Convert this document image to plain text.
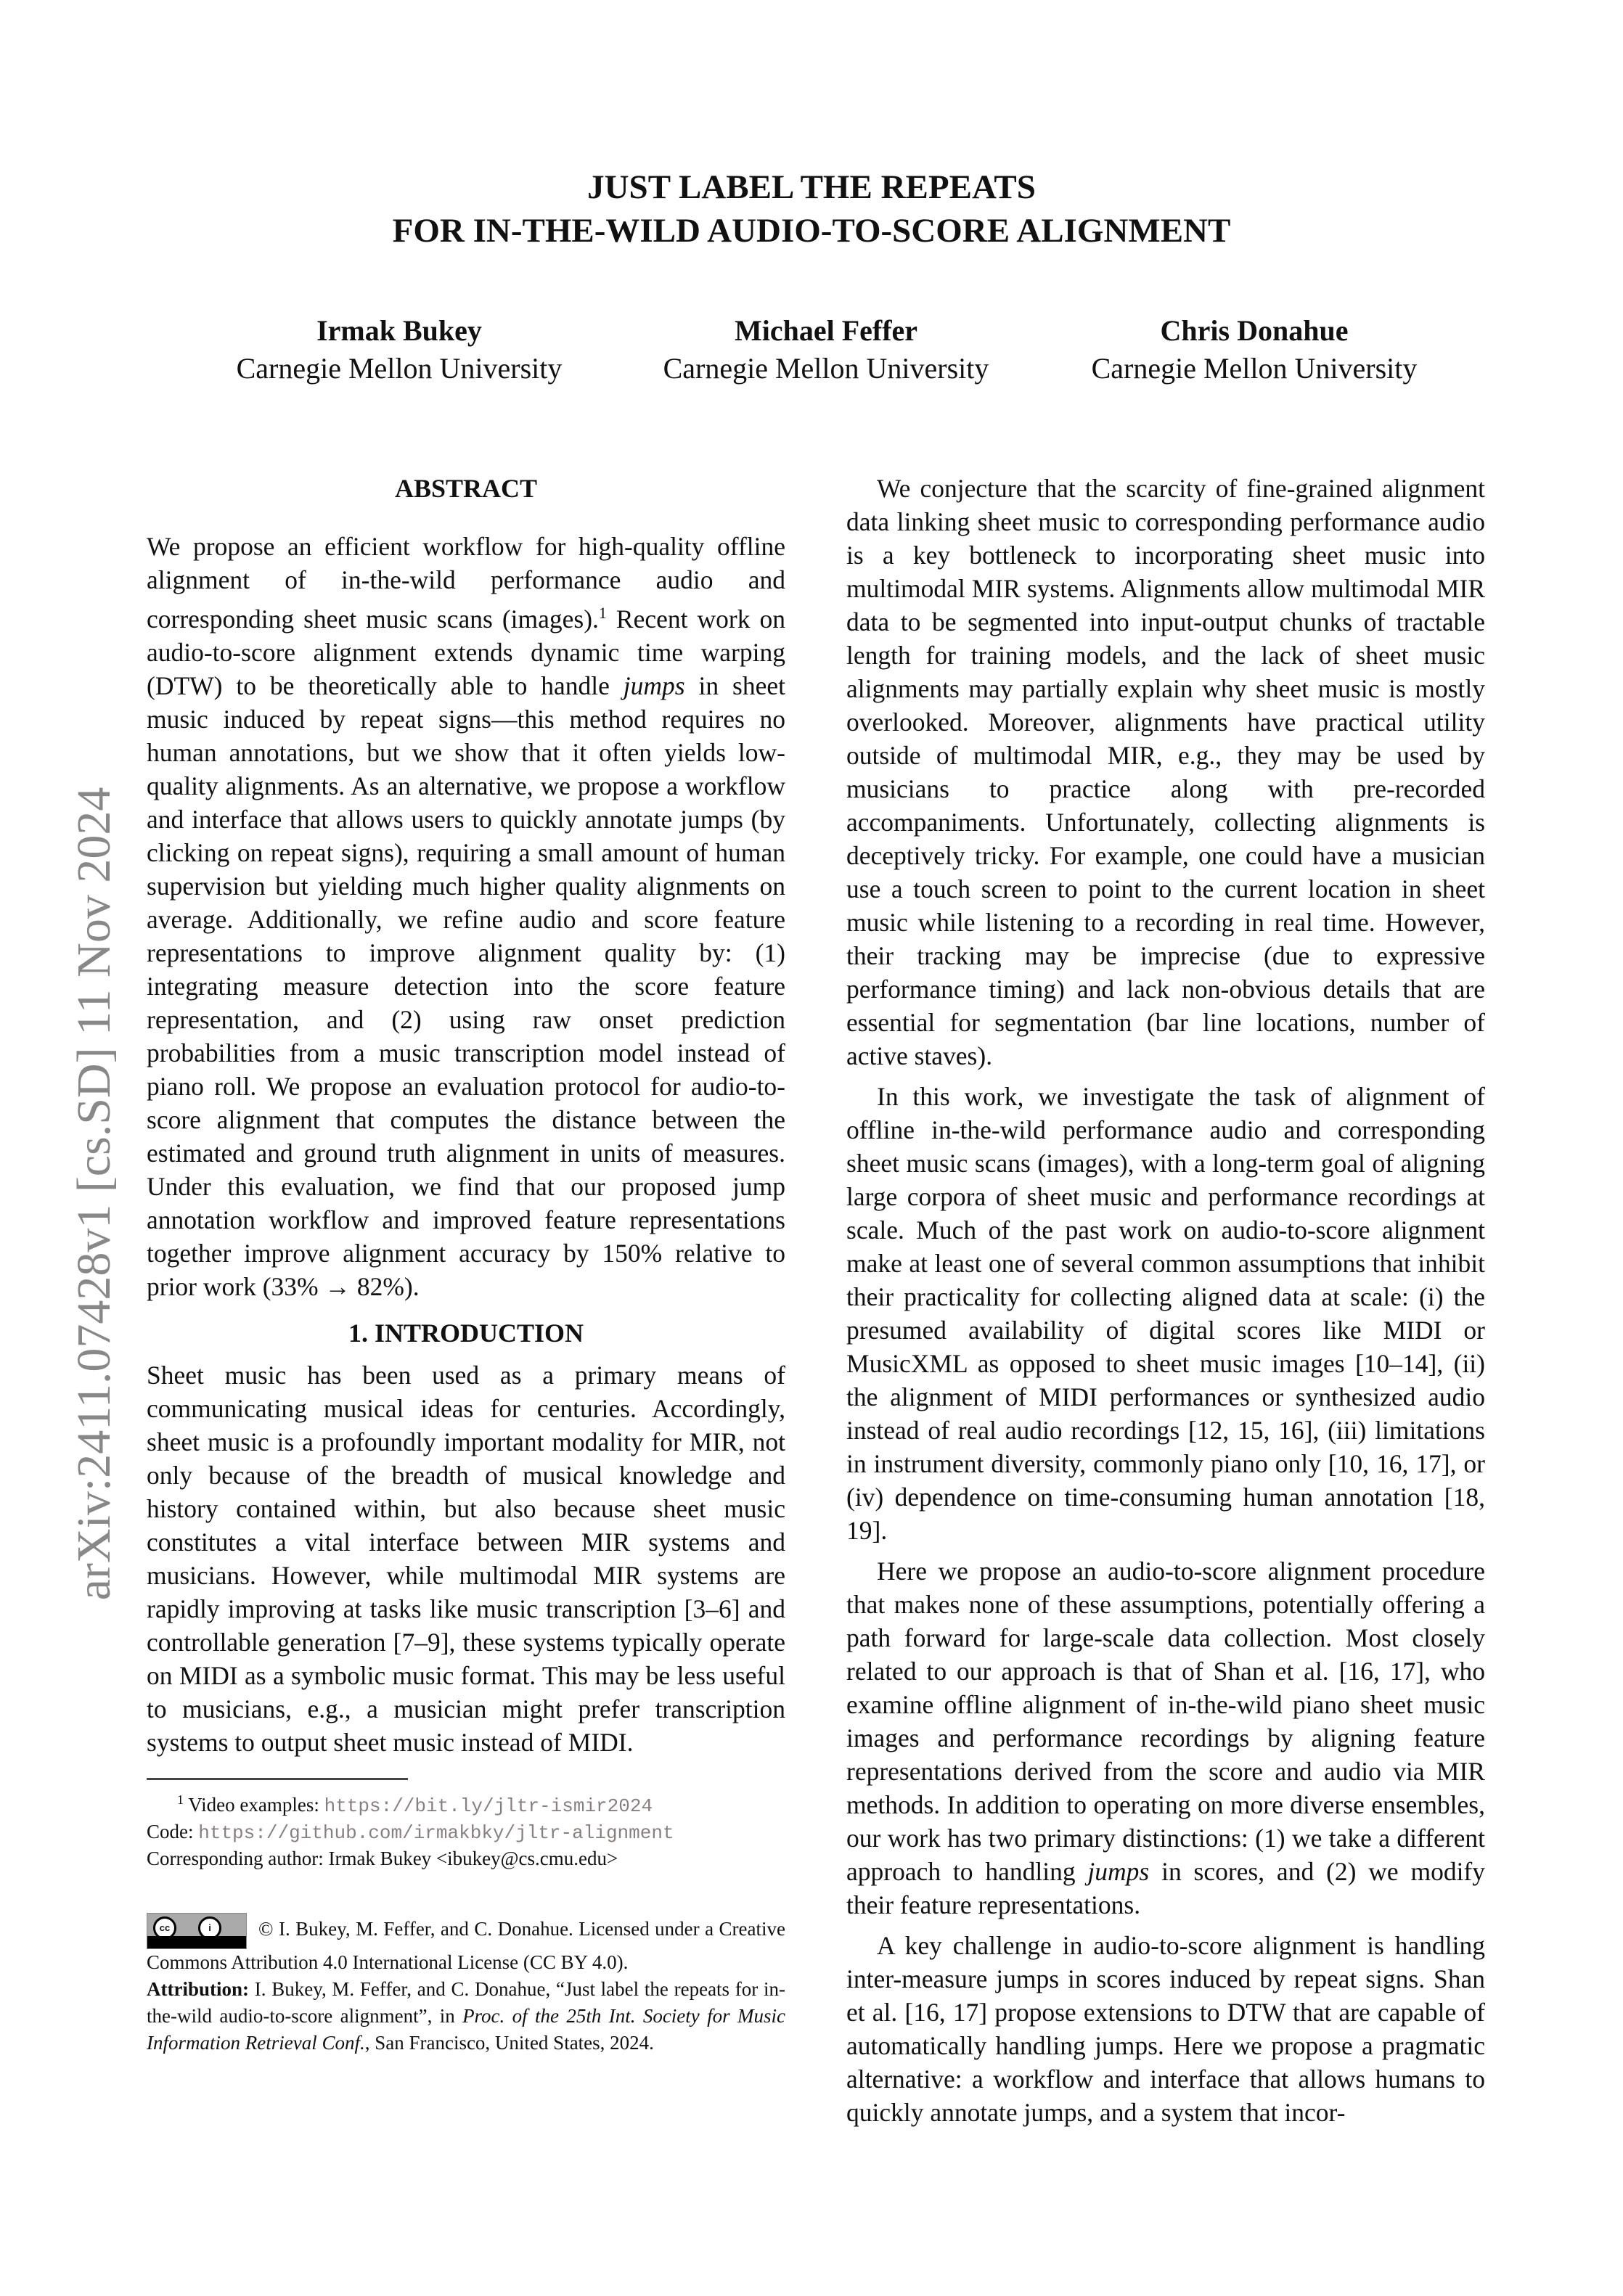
arXiv:2411.07428v1 [cs.SD] 11 Nov 2024
JUST LABEL THE REPEATS
FOR IN-THE-WILD AUDIO-TO-SCORE ALIGNMENT
Irmak Bukey
Carnegie Mellon University
Michael Feffer
Carnegie Mellon University
Chris Donahue
Carnegie Mellon University
ABSTRACT

We propose an efficient workflow for high-quality offline alignment of in-the-wild performance audio and corresponding sheet music scans (images).$^1$ Recent work on audio-to-score alignment extends dynamic time warping (DTW) to be theoretically able to handle jumps in sheet music induced by repeat signs—this method requires no human annotations, but we show that it often yields low-quality alignments. As an alternative, we propose a workflow and interface that allows users to quickly annotate jumps (by clicking on repeat signs), requiring a small amount of human supervision but yielding much higher quality alignments on average. Additionally, we refine audio and score feature representations to improve alignment quality by: (1) integrating measure detection into the score feature representation, and (2) using raw onset prediction probabilities from a music transcription model instead of piano roll. We propose an evaluation protocol for audio-to-score alignment that computes the distance between the estimated and ground truth alignment in units of measures. Under this evaluation, we find that our proposed jump annotation workflow and improved feature representations together improve alignment accuracy by 150% relative to prior work (33% → 82%).

1. INTRODUCTION

Sheet music has been used as a primary means of communicating musical ideas for centuries. Accordingly, sheet music is a profoundly important modality for MIR, not only because of the breadth of musical knowledge and history contained within, but also because sheet music constitutes a vital interface between MIR systems and musicians. However, while multimodal MIR systems are rapidly improving at tasks like music transcription [3–6] and controllable generation [7–9], these systems typically operate on MIDI as a symbolic music format. This may be less useful to musicians, e.g., a musician might prefer transcription systems to output sheet music instead of MIDI.

$^1$ Video examples: https://bit.ly/jltr-ismir2024
Code: https://github.com/irmakbky/jltr-alignment
Corresponding author: Irmak Bukey <ibukey@cs.cmu.edu>
cc	i	© I. Bukey, M. Feffer, and C. Donahue. Licensed under a Creative Commons Attribution 4.0 International License (CC BY 4.0).
Attribution: I. Bukey, M. Feffer, and C. Donahue, “Just label the repeats for in-the-wild audio-to-score alignment”, in Proc. of the 25th Int. Society for Music Information Retrieval Conf., San Francisco, United States, 2024.

We conjecture that the scarcity of fine-grained alignment data linking sheet music to corresponding performance audio is a key bottleneck to incorporating sheet music into multimodal MIR systems. Alignments allow multimodal MIR data to be segmented into input-output chunks of tractable length for training models, and the lack of sheet music alignments may partially explain why sheet music is mostly overlooked. Moreover, alignments have practical utility outside of multimodal MIR, e.g., they may be used by musicians to practice along with pre-recorded accompaniments. Unfortunately, collecting alignments is deceptively tricky. For example, one could have a musician use a touch screen to point to the current location in sheet music while listening to a recording in real time. However, their tracking may be imprecise (due to expressive performance timing) and lack non-obvious details that are essential for segmentation (bar line locations, number of active staves).

In this work, we investigate the task of alignment of offline in-the-wild performance audio and corresponding sheet music scans (images), with a long-term goal of aligning large corpora of sheet music and performance recordings at scale. Much of the past work on audio-to-score alignment make at least one of several common assumptions that inhibit their practicality for collecting aligned data at scale: (i) the presumed availability of digital scores like MIDI or MusicXML as opposed to sheet music images [10–14], (ii) the alignment of MIDI performances or synthesized audio instead of real audio recordings [12, 15, 16], (iii) limitations in instrument diversity, commonly piano only [10, 16, 17], or (iv) dependence on time-consuming human annotation [18, 19].

Here we propose an audio-to-score alignment procedure that makes none of these assumptions, potentially offering a path forward for large-scale data collection. Most closely related to our approach is that of Shan et al. [16, 17], who examine offline alignment of in-the-wild piano sheet music images and performance recordings by aligning feature representations derived from the score and audio via MIR methods. In addition to operating on more diverse ensembles, our work has two primary distinctions: (1) we take a different approach to handling jumps in scores, and (2) we modify their feature representations.

A key challenge in audio-to-score alignment is handling inter-measure jumps in scores induced by repeat signs. Shan et al. [16, 17] propose extensions to DTW that are capable of automatically handling jumps. Here we propose a pragmatic alternative: a workflow and interface that allows humans to quickly annotate jumps, and a system that incor-
